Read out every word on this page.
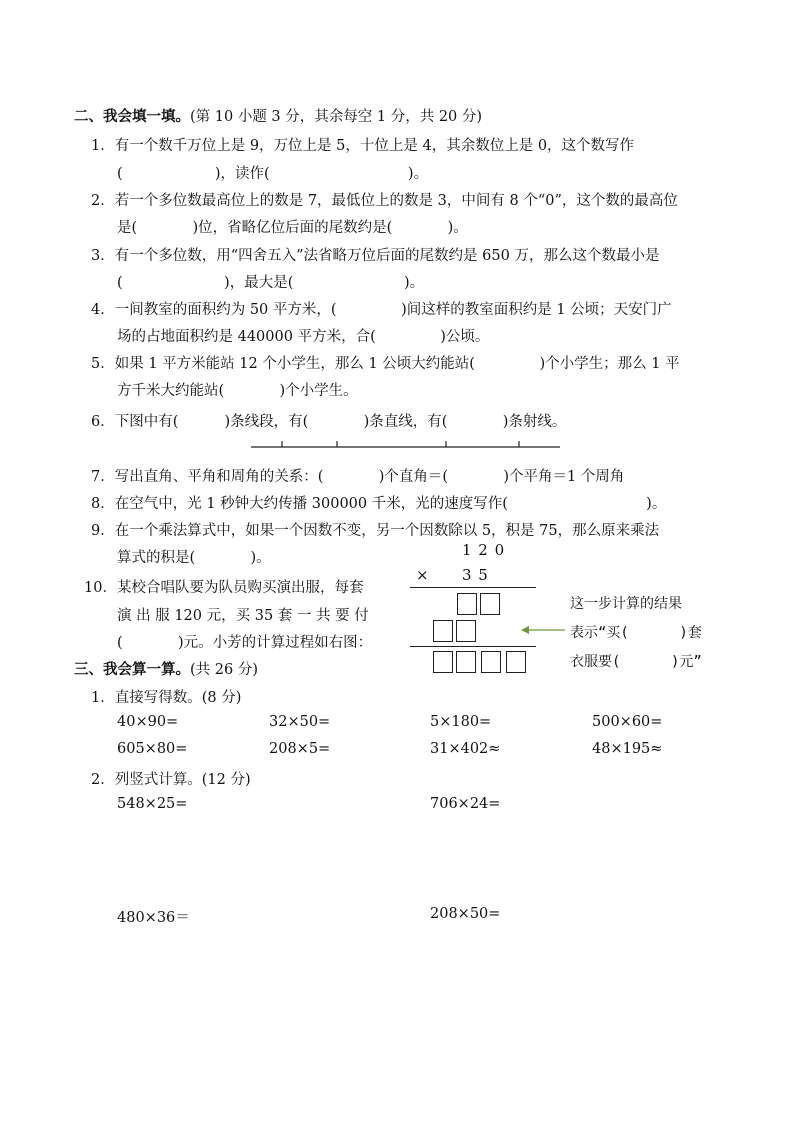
二、我会填一填。(第 10 小题 3 分，其余每空 1 分，共 20 分)
1．有一个数千万位上是 9，万位上是 5，十位上是 4，其余数位上是 0，这个数写作
(                    )，读作(                              )。
2．若一个多位数最高位上的数是 7，最低位上的数是 3，中间有 8 个“0”，这个数的最高位
是(            )位，省略亿位后面的尾数约是(            )。
3．有一个多位数，用“四舍五入”法省略万位后面的尾数约是 650 万，那么这个数最小是
(                      )，最大是(                        )。
4．一间教室的面积约为 50 平方米，(              )间这样的教室面积约是 1 公顷；天安门广
场的占地面积约是 440000 平方米，合(              )公顷。
5．如果 1 平方米能站 12 个小学生，那么 1 公顷大约能站(              )个小学生；那么 1 平
方千米大约能站(            )个小学生。
6．下图中有(          )条线段，有(            )条直线，有(            )条射线。
7．写出直角、平角和周角的关系：(            )个直角＝(            )个平角＝1 个周角
8．在空气中，光 1 秒钟大约传播 300000 千米，光的速度写作(                              )。
9．在一个乘法算式中，如果一个因数不变，另一个因数除以 5，积是 75，那么原来乘法
算式的积是(            )。
10．某校合唱队要为队员购买演出服，每套
演 出 服 120 元，买 35 套 一 共 要 付
(            )元。小芳的计算过程如右图：
1 2 0
× 3 5
这一步计算的结果
表示“买(      )套
衣服要(      )元”
三、我会算一算。(共 26 分)
1．直接写得数。(8 分)
40×90=	32×50=	5×180=	500×60=
605×80=	208×5=	31×402≈	48×195≈
2．列竖式计算。(12 分)
548×25=	706×24=
480×36＝	208×50=
